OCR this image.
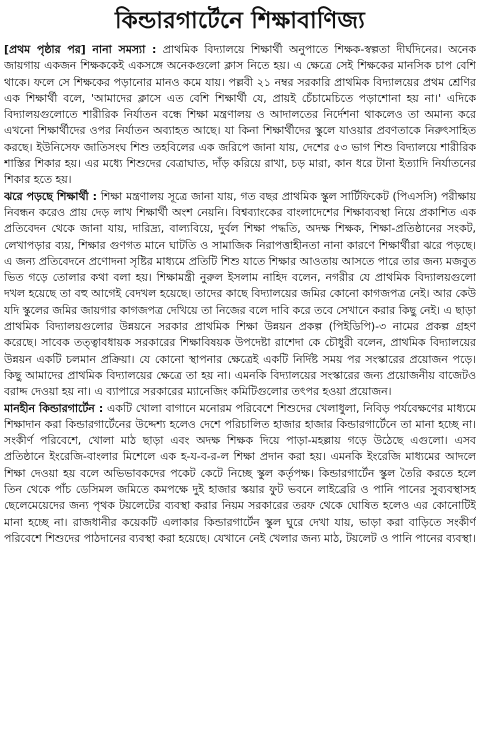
কিন্ডারগার্টেনে শিক্ষাবাণিজ্য

[প্রথম পৃষ্ঠার পর] নানা সমস্যা : প্রাথমিক বিদ্যালয়ে শিক্ষার্থী অনুপাতে শিক্ষক-স্বল্পতা দীর্ঘদিনের। অনেক জায়গায় একজন শিক্ষককেই একসঙ্গে অনেকগুলো ক্লাস নিতে হয়। এ ক্ষেত্রে সেই শিক্ষকের মানসিক চাপ বেশি থাকে। ফলে সে শিক্ষকের পড়ানোর মানও কমে যায়। পল্লবী ২১ নম্বর সরকারি প্রাথমিক বিদ্যালয়ের প্রথম শ্রেণির এক শিক্ষার্থী বলে, 'আমাদের ক্লাসে এত বেশি শিক্ষার্থী যে, প্রায়ই চেঁচামেচিতে পড়াশোনা হয় না।' এদিকে বিদ্যালয়গুলোতে শারীরিক নির্যাতন বন্ধে শিক্ষা মন্ত্রণালয় ও আদালতের নির্দেশনা থাকলেও তা অমান্য করে এখনো শিক্ষার্থীদের ওপর নির্যাতন অব্যাহত আছে। যা কিনা শিক্ষার্থীদের স্কুলে যাওয়ার প্রবণতাকে নিরুৎসাহিত করছে। ইউনিসেফ জাতিসংঘ শিশু তহবিলের এক জরিপে জানা যায়, দেশের ৫৩ ভাগ শিশু বিদ্যালয়ে শারীরিক শাস্তির শিকার হয়। এর মধ্যে শিশুদের বেত্রাঘাত, দাঁড় করিয়ে রাখা, চড় মারা, কান ধরে টানা ইত্যাদি নির্যাতনের শিকার হতে হয়।

ঝরে পড়ছে শিক্ষার্থী : শিক্ষা মন্ত্রণালয় সূত্রে জানা যায়, গত বছর প্রাথমিক স্কুল সার্টিফিকেট (পিএসসি) পরীক্ষায় নিবন্ধন করেও প্রায় দেড় লাখ শিক্ষার্থী অংশ নেয়নি। বিশ্বব্যাংকের বাংলাদেশের শিক্ষাব্যবস্থা নিয়ে প্রকাশিত এক প্রতিবেদন থেকে জানা যায়, দারিদ্র্য, বাল্যবিয়ে, দুর্বল শিক্ষা পদ্ধতি, অদক্ষ শিক্ষক, শিক্ষা-প্রতিষ্ঠানের সংকট, লেখাপড়ার ব্যয়, শিক্ষার গুণগত মানে ঘাটতি ও সামাজিক নিরাপত্তাহীনতা নানা কারণে শিক্ষার্থীরা ঝরে পড়ছে। এ জন্য প্রতিবেদনে প্রণোদনা সৃষ্টির মাধ্যমে প্রতিটি শিশু যাতে শিক্ষার আওতায় আসতে পারে তার জন্য মজবুত ভিত গড়ে তোলার কথা বলা হয়। শিক্ষামন্ত্রী নুরুল ইসলাম নাহিদ বলেন, নগরীর যে প্রাথমিক বিদ্যালয়গুলো দখল হয়েছে তা বহু আগেই বেদখল হয়েছে। তাদের কাছে বিদ্যালয়ের জমির কোনো কাগজপত্র নেই। আর কেউ যদি স্কুলের জমির জায়গার কাগজপত্র দেখিয়ে তা নিজের বলে দাবি করে তবে সেখানে করার কিছু নেই। এ ছাড়া প্রাথমিক বিদ্যালয়গুলোর উন্নয়নে সরকার প্রাথমিক শিক্ষা উন্নয়ন প্রকল্প (পিইডিপি)-৩ নামের প্রকল্প গ্রহণ করেছে। সাবেক তত্ত্বাবধায়ক সরকারের শিক্ষাবিষয়ক উপদেষ্টা রাশেদা কে চৌধুরী বলেন, প্রাথমিক বিদ্যালয়ের উন্নয়ন একটি চলমান প্রক্রিয়া। যে কোনো স্থাপনার ক্ষেত্রেই একটি নির্দিষ্ট সময় পর সংস্কারের প্রয়োজন পড়ে। কিছু আমাদের প্রাথমিক বিদ্যালয়ের ক্ষেত্রে তা হয় না। এমনকি বিদ্যালয়ের সংস্কারের জন্য প্রয়োজনীয় বাজেটও বরাদ্দ দেওয়া হয় না। এ ব্যাপারে সরকারের ম্যানেজিং কমিটিগুলোর তৎপর হওয়া প্রয়োজন।

মানহীন কিন্ডারগার্টেন : একটি খোলা বাগানে মনোরম পরিবেশে শিশুদের খেলাধুলা, নিবিড় পর্যবেক্ষণের মাধ্যমে শিক্ষাদান করা কিন্ডারগার্টেনের উদ্দেশ্য হলেও দেশে পরিচালিত হাজার হাজার কিন্ডারগার্টেনে তা মানা হচ্ছে না। সংকীর্ণ পরিবেশে, খোলা মাঠ ছাড়া এবং অদক্ষ শিক্ষক দিয়ে পাড়া-মহল্লায় গড়ে উঠেছে এগুলো। এসব প্রতিষ্ঠানে ইংরেজি-বাংলার মিশেলে এক হ-য-ব-র-ল শিক্ষা প্রদান করা হয়। এমনকি ইংরেজি মাধ্যমের আদলে শিক্ষা দেওয়া হয় বলে অভিভাবকদের পকেট কেটে নিচ্ছে স্কুল কর্তৃপক্ষ। কিন্ডারগার্টেন স্কুল তৈরি করতে হলে তিন থেকে পাঁচ ডেসিমল জমিতে কমপক্ষে দুই হাজার স্কয়ার ফুট ভবনে লাইব্রেরি ও পানি পানের সুব্যবস্থাসহ ছেলেমেয়েদের জন্য পৃথক টয়লেটের ব্যবস্থা করার নিয়ম সরকারের তরফ থেকে ঘোষিত হলেও এর কোনোটিই মানা হচ্ছে না। রাজধানীর কয়েকটি এলাকার কিন্ডারগার্টেন স্কুল ঘুরে দেখা যায়, ভাড়া করা বাড়িতে সংকীর্ণ পরিবেশে শিশুদের পাঠদানের ব্যবস্থা করা হয়েছে। যেখানে নেই খেলার জন্য মাঠ, টয়লেট ও পানি পানের ব্যবস্থা।
